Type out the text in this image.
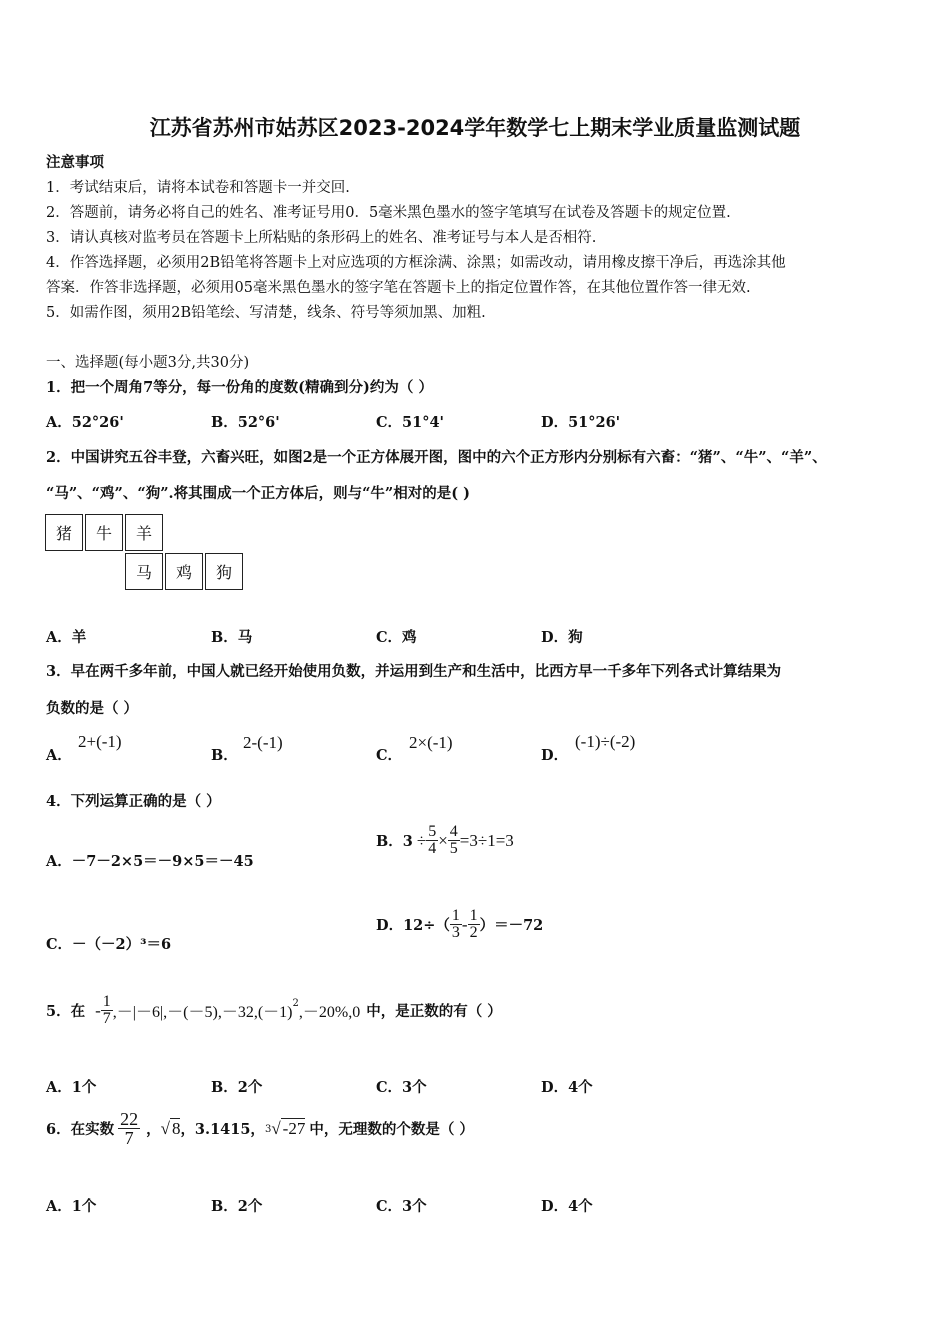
江苏省苏州市姑苏区2023-2024学年数学七上期末学业质量监测试题
注意事项
1．考试结束后，请将本试卷和答题卡一并交回.
2．答题前，请务必将自己的姓名、准考证号用0．5毫米黑色墨水的签字笔填写在试卷及答题卡的规定位置.
3．请认真核对监考员在答题卡上所粘贴的条形码上的姓名、准考证号与本人是否相符.
4．作答选择题，必须用2B铅笔将答题卡上对应选项的方框涂满、涂黑；如需改动，请用橡皮擦干净后，再选涂其他
答案．作答非选择题，必须用05毫米黑色墨水的签字笔在答题卡上的指定位置作答，在其他位置作答一律无效.
5．如需作图，须用2B铅笔绘、写清楚，线条、符号等须加黑、加粗.
一、选择题(每小题3分,共30分)
1．把一个周角7等分，每一份角的度数(精确到分)约为（ ）
A．52°26'	B．52°6'	C．51°4'	D．51°26'
2．中国讲究五谷丰登，六畜兴旺，如图2是一个正方体展开图，图中的六个正方形内分别标有六畜：“猪”、“牛”、“羊”、
“马”、“鸡”、“狗”.将其围成一个正方体后，则与“牛”相对的是( )
猪	牛	羊
马	鸡	狗
A．羊	B．马	C．鸡	D．狗
3．早在两千多年前，中国人就已经开始使用负数，并运用到生产和生活中，比西方早一千多年下列各式计算结果为
负数的是（ ）
A．
2+(-1)
B．
2-(-1)
C．
2×(-1)
D．
(-1)÷(-2)
4．下列运算正确的是（ ）
A．－7－2×5＝－9×5＝－45
B．$3 \div \frac{5}{4} \times \frac{4}{5} =3\div 1=3$
C．－（－2）³＝6
D．$12\div( \frac{1}{3} - \frac{1}{2} )=-72$
5．在 - $\frac{1}{7} ,-|-6|,-(-5),-32,(-1)$
$^2$
,－20%,0 中，是正数的有（ ）
A．1个	B．2个	C．3个	D．4个
6．在实数 $\frac{22}{7}$ ， √ 8 ，3.1415， 3 √ -27 中，无理数的个数是（ ）
A．1个	B．2个	C．3个	D．4个
